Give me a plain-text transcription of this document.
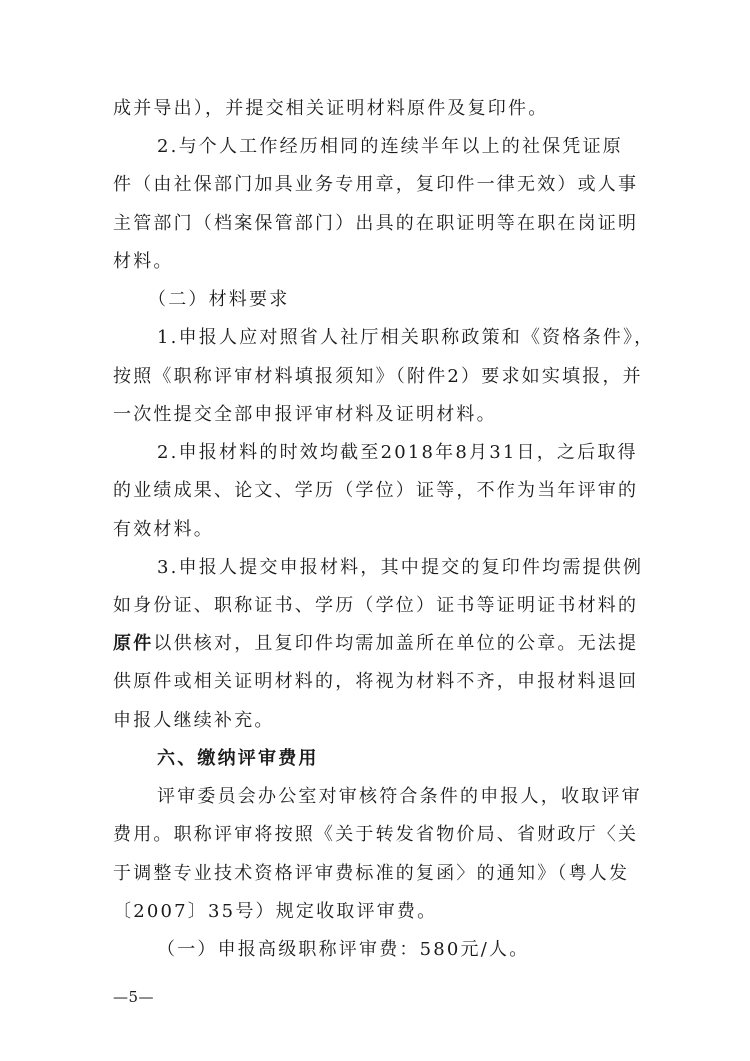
成并导出），并提交相关证明材料原件及复印件。
2.与个人工作经历相同的连续半年以上的社保凭证原
件（由社保部门加具业务专用章，复印件一律无效）或人事
主管部门（档案保管部门）出具的在职证明等在职在岗证明
材料。
（二）材料要求
1.申报人应对照省人社厅相关职称政策和《资格条件》，
按照《职称评审材料填报须知》（附件2）要求如实填报，并
一次性提交全部申报评审材料及证明材料。
2.申报材料的时效均截至2018年8月31日，之后取得
的业绩成果、论文、学历（学位）证等，不作为当年评审的
有效材料。
3.申报人提交申报材料，其中提交的复印件均需提供例
如身份证、职称证书、学历（学位）证书等证明证书材料的
原件以供核对，且复印件均需加盖所在单位的公章。无法提
供原件或相关证明材料的，将视为材料不齐，申报材料退回
申报人继续补充。
六、缴纳评审费用
评审委员会办公室对审核符合条件的申报人，收取评审
费用。职称评审将按照《关于转发省物价局、省财政厅〈关
于调整专业技术资格评审费标准的复函〉的通知》（粤人发
〔2007〕35号）规定收取评审费。
（一）申报高级职称评审费：580元/人。
—5—
